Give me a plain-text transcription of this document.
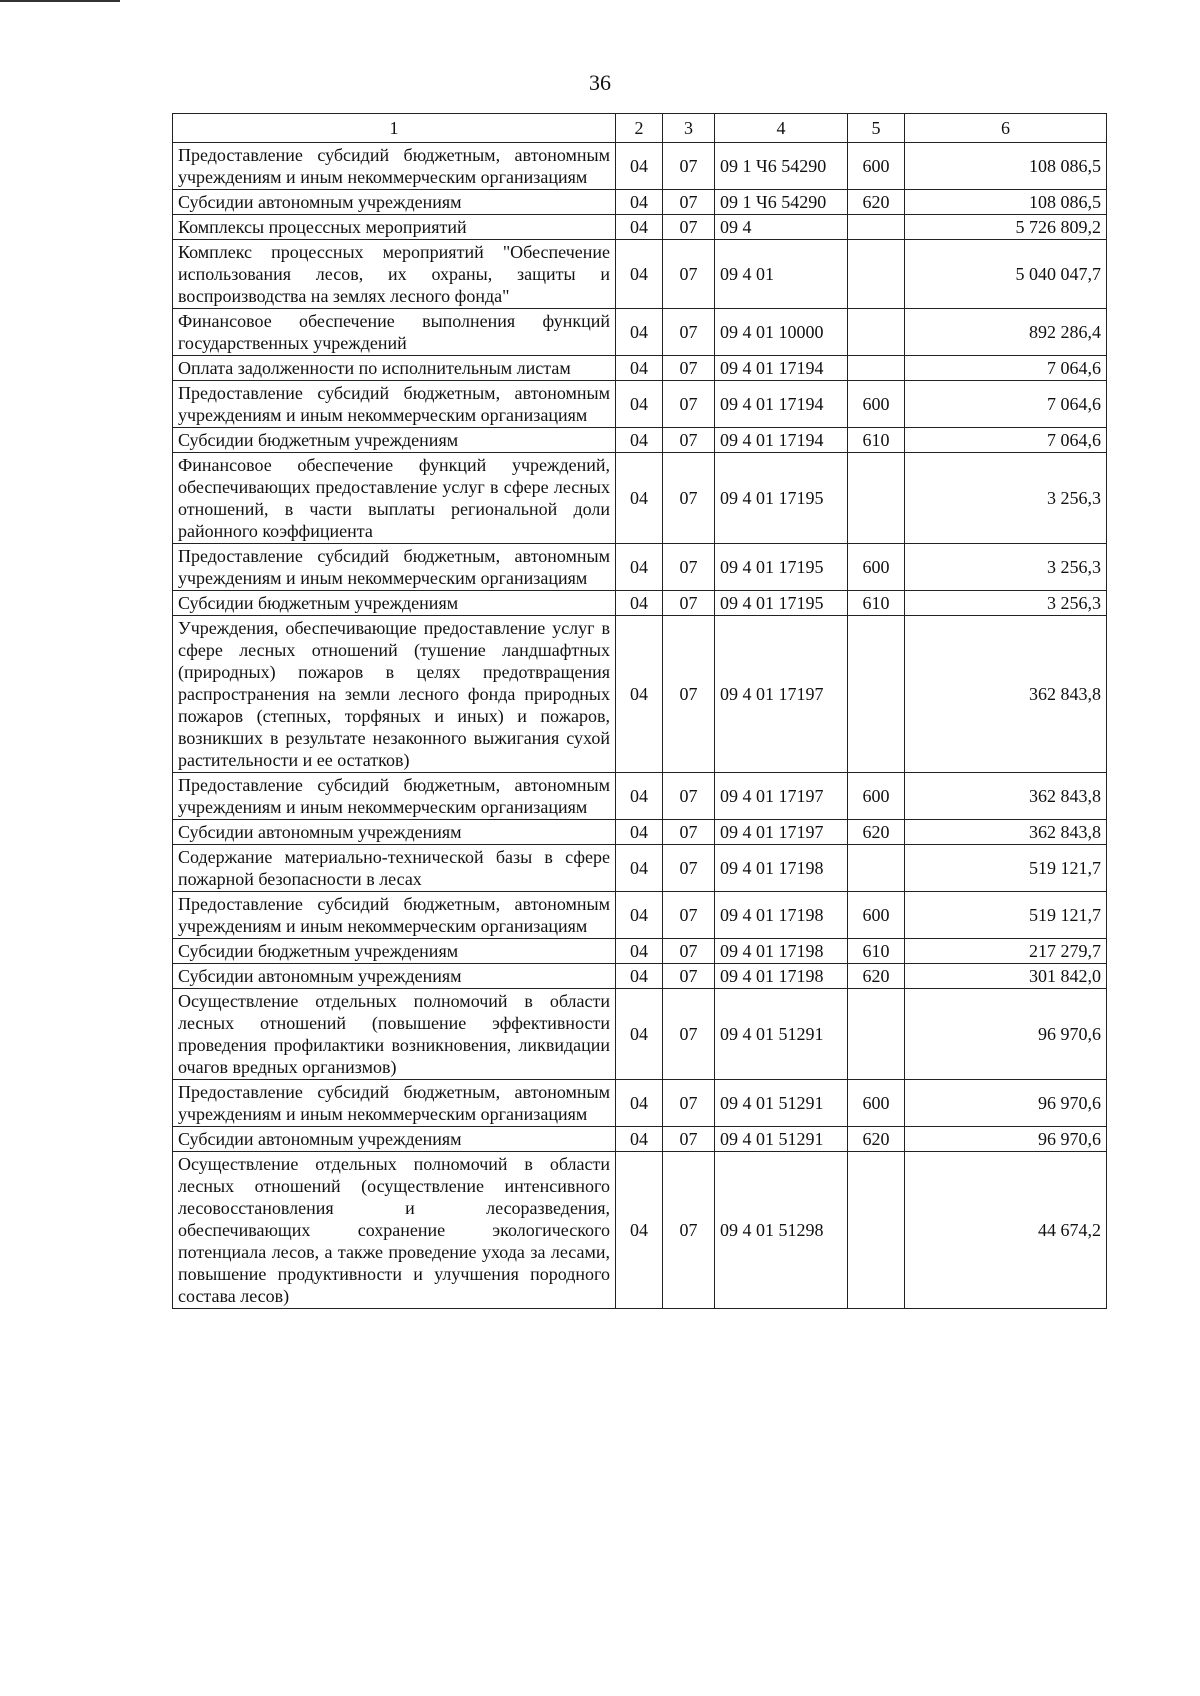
36
1	2	3	4	5	6
Предоставление субсидий бюджетным, автономным учреждениям и иным некоммерческим организациям	04	07	09 1 Ч6 54290	600	108 086,5
Субсидии автономным учреждениям	04	07	09 1 Ч6 54290	620	108 086,5
Комплексы процессных мероприятий	04	07	09 4		5 726 809,2
Комплекс процессных мероприятий "Обеспечение использования лесов, их охраны, защиты и воспроизводства на землях лесного фонда"	04	07	09 4 01		5 040 047,7
Финансовое обеспечение выполнения функций государственных учреждений	04	07	09 4 01 10000		892 286,4
Оплата задолженности по исполнительным листам	04	07	09 4 01 17194		7 064,6
Предоставление субсидий бюджетным, автономным учреждениям и иным некоммерческим организациям	04	07	09 4 01 17194	600	7 064,6
Субсидии бюджетным учреждениям	04	07	09 4 01 17194	610	7 064,6
Финансовое обеспечение функций учреждений, обеспечивающих предоставление услуг в сфере лесных отношений, в части выплаты региональной доли районного коэффициента	04	07	09 4 01 17195		3 256,3
Предоставление субсидий бюджетным, автономным учреждениям и иным некоммерческим организациям	04	07	09 4 01 17195	600	3 256,3
Субсидии бюджетным учреждениям	04	07	09 4 01 17195	610	3 256,3
Учреждения, обеспечивающие предоставление услуг в сфере лесных отношений (тушение ландшафтных (природных) пожаров в целях предотвращения распространения на земли лесного фонда природных пожаров (степных, торфяных и иных) и пожаров, возникших в результате незаконного выжигания сухой растительности и ее остатков)	04	07	09 4 01 17197		362 843,8
Предоставление субсидий бюджетным, автономным учреждениям и иным некоммерческим организациям	04	07	09 4 01 17197	600	362 843,8
Субсидии автономным учреждениям	04	07	09 4 01 17197	620	362 843,8
Содержание материально-технической базы в сфере пожарной безопасности в лесах	04	07	09 4 01 17198		519 121,7
Предоставление субсидий бюджетным, автономным учреждениям и иным некоммерческим организациям	04	07	09 4 01 17198	600	519 121,7
Субсидии бюджетным учреждениям	04	07	09 4 01 17198	610	217 279,7
Субсидии автономным учреждениям	04	07	09 4 01 17198	620	301 842,0
Осуществление отдельных полномочий в области лесных отношений (повышение эффективности проведения профилактики возникновения, ликвидации очагов вредных организмов)	04	07	09 4 01 51291		96 970,6
Предоставление субсидий бюджетным, автономным учреждениям и иным некоммерческим организациям	04	07	09 4 01 51291	600	96 970,6
Субсидии автономным учреждениям	04	07	09 4 01 51291	620	96 970,6
Осуществление отдельных полномочий в области лесных отношений (осуществление интенсивного лесовосстановления и лесоразведения, обеспечивающих сохранение экологического потенциала лесов, а также проведение ухода за лесами, повышение продуктивности и улучшения породного состава лесов)	04	07	09 4 01 51298		44 674,2
